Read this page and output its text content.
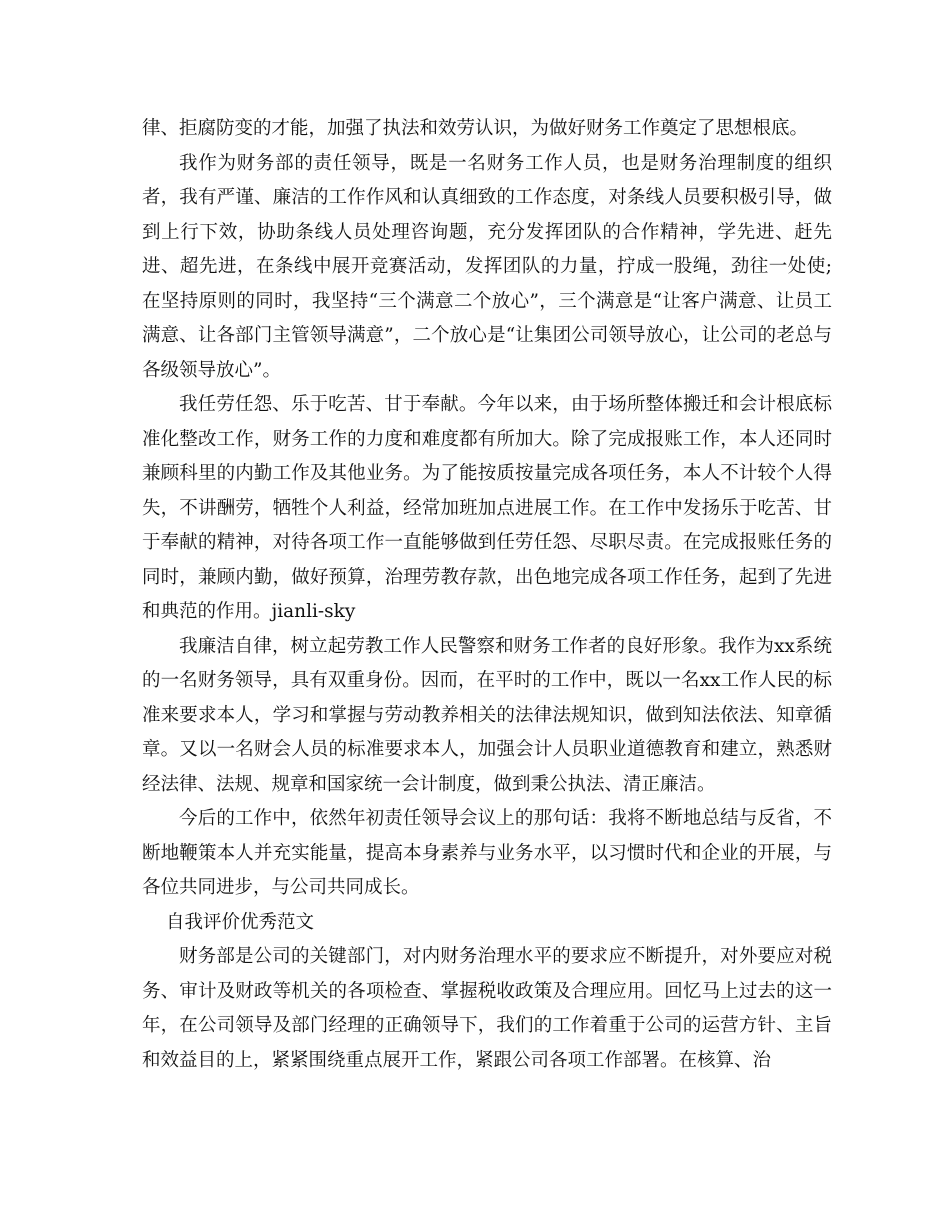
律、拒腐防变的才能，加强了执法和效劳认识，为做好财务工作奠定了思想根底。

我作为财务部的责任领导，既是一名财务工作人员，也是财务治理制度的组织者，我有严谨、廉洁的工作作风和认真细致的工作态度，对条线人员要积极引导，做到上行下效，协助条线人员处理咨询题，充分发挥团队的合作精神，学先进、赶先进、超先进，在条线中展开竞赛活动，发挥团队的力量，拧成一股绳，劲往一处使;在坚持原则的同时，我坚持“三个满意二个放心”，三个满意是“让客户满意、让员工满意、让各部门主管领导满意”，二个放心是“让集团公司领导放心，让公司的老总与各级领导放心”。

我任劳任怨、乐于吃苦、甘于奉献。今年以来，由于场所整体搬迁和会计根底标准化整改工作，财务工作的力度和难度都有所加大。除了完成报账工作，本人还同时兼顾科里的内勤工作及其他业务。为了能按质按量完成各项任务，本人不计较个人得失，不讲酬劳，牺牲个人利益，经常加班加点进展工作。在工作中发扬乐于吃苦、甘于奉献的精神，对待各项工作一直能够做到任劳任怨、尽职尽责。在完成报账任务的同时，兼顾内勤，做好预算，治理劳教存款，出色地完成各项工作任务，起到了先进和典范的作用。jianli-sky

我廉洁自律，树立起劳教工作人民警察和财务工作者的良好形象。我作为xx系统的一名财务领导，具有双重身份。因而，在平时的工作中，既以一名xx工作人民的标准来要求本人，学习和掌握与劳动教养相关的法律法规知识，做到知法依法、知章循章。又以一名财会人员的标准要求本人，加强会计人员职业道德教育和建立，熟悉财经法律、法规、规章和国家统一会计制度，做到秉公执法、清正廉洁。

今后的工作中，依然年初责任领导会议上的那句话：我将不断地总结与反省，不断地鞭策本人并充实能量，提高本身素养与业务水平，以习惯时代和企业的开展，与各位共同进步，与公司共同成长。

自我评价优秀范文

财务部是公司的关键部门，对内财务治理水平的要求应不断提升，对外要应对税务、审计及财政等机关的各项检查、掌握税收政策及合理应用。回忆马上过去的这一年，在公司领导及部门经理的正确领导下，我们的工作着重于公司的运营方针、主旨和效益目的上，紧紧围绕重点展开工作，紧跟公司各项工作部署。在核算、治
